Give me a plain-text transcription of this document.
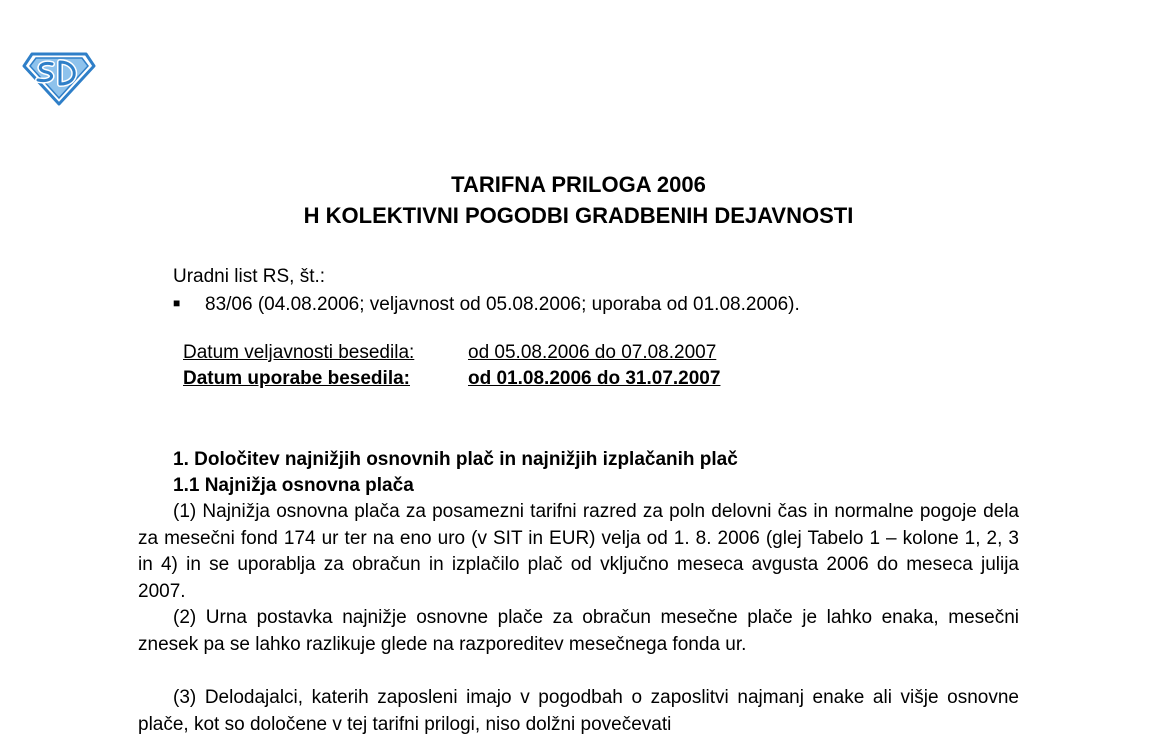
TARIFNA PRILOGA 2006
H KOLEKTIVNI POGODBI GRADBENIH DEJAVNOSTI
Uradni list RS, št.:
■ 83/06 (04.08.2006; veljavnost od 05.08.2006; uporaba od 01.08.2006).
Datum veljavnosti besedila:	od 05.08.2006 do 07.08.2007
Datum uporabe besedila:	od 01.08.2006 do 31.07.2007
1. Določitev najnižjih osnovnih plač in najnižjih izplačanih plač
1.1 Najnižja osnovna plača

(1) Najnižja osnovna plača za posamezni tarifni razred za poln delovni čas in normalne pogoje dela za mesečni fond 174 ur ter na eno uro (v SIT in EUR) velja od 1. 8. 2006 (glej Tabelo 1 – kolone 1, 2, 3 in 4) in se uporablja za obračun in izplačilo plač od vključno meseca avgusta 2006 do meseca julija 2007.

(2) Urna postavka najnižje osnovne plače za obračun mesečne plače je lahko enaka, mesečni znesek pa se lahko razlikuje glede na razporeditev mesečnega fonda ur.

(3) Delodajalci, katerih zaposleni imajo v pogodbah o zaposlitvi najmanj enake ali višje osnovne plače, kot so določene v tej tarifni prilogi, niso dolžni povečevati
